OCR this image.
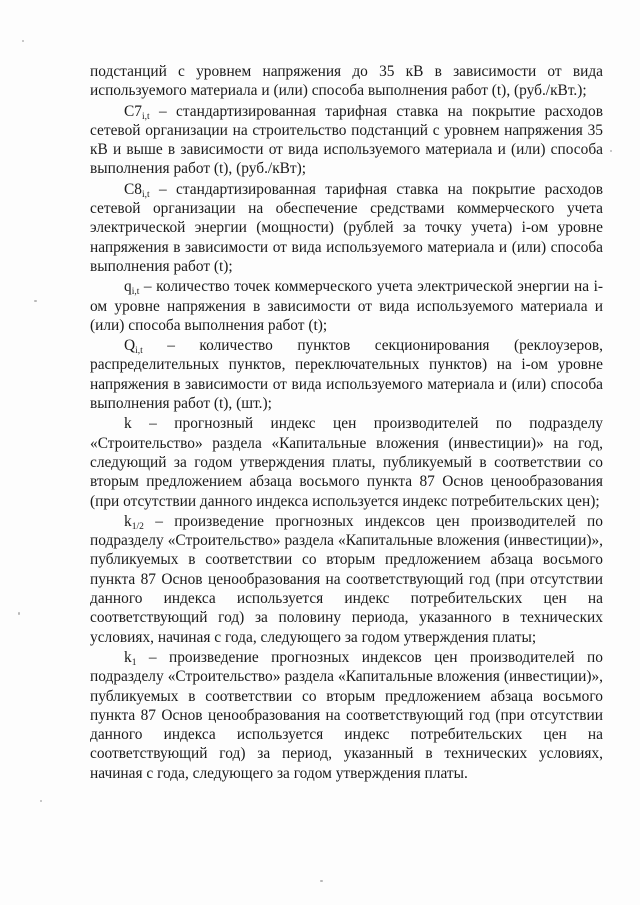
подстанций с уровнем напряжения до 35 кВ в зависимости от вида используемого материала и (или) способа выполнения работ (t), (руб./кВт.);

$C7_{i,t}$ – стандартизированная тарифная ставка на покрытие расходов сетевой организации на строительство подстанций с уровнем напряжения 35 кВ и выше в зависимости от вида используемого материала и (или) способа выполнения работ (t), (руб./кВт);

$C8_{i,t}$ – стандартизированная тарифная ставка на покрытие расходов сетевой организации на обеспечение средствами коммерческого учета электрической энергии (мощности) (рублей за точку учета) i-ом уровне напряжения в зависимости от вида используемого материала и (или) способа выполнения работ (t);

$q_{i,t}$ – количество точек коммерческого учета электрической энергии на i-ом уровне напряжения в зависимости от вида используемого материала и (или) способа выполнения работ (t);

$Q_{i,t}$ – количество пунктов секционирования (реклоузеров, распределительных пунктов, переключательных пунктов) на i-ом уровне напряжения в зависимости от вида используемого материала и (или) способа выполнения работ (t), (шт.);

k – прогнозный индекс цен производителей по подразделу «Строительство» раздела «Капитальные вложения (инвестиции)» на год, следующий за годом утверждения платы, публикуемый в соответствии со вторым предложением абзаца восьмого пункта 87 Основ ценообразования (при отсутствии данного индекса используется индекс потребительских цен);

$k_{1/2}$ – произведение прогнозных индексов цен производителей по подразделу «Строительство» раздела «Капитальные вложения (инвестиции)», публикуемых в соответствии со вторым предложением абзаца восьмого пункта 87 Основ ценообразования на соответствующий год (при отсутствии данного индекса используется индекс потребительских цен на соответствующий год) за половину периода, указанного в технических условиях, начиная с года, следующего за годом утверждения платы;

$k_1$ – произведение прогнозных индексов цен производителей по подразделу «Строительство» раздела «Капитальные вложения (инвестиции)», публикуемых в соответствии со вторым предложением абзаца восьмого пункта 87 Основ ценообразования на соответствующий год (при отсутствии данного индекса используется индекс потребительских цен на соответствующий год) за период, указанный в технических условиях, начиная с года, следующего за годом утверждения платы.
